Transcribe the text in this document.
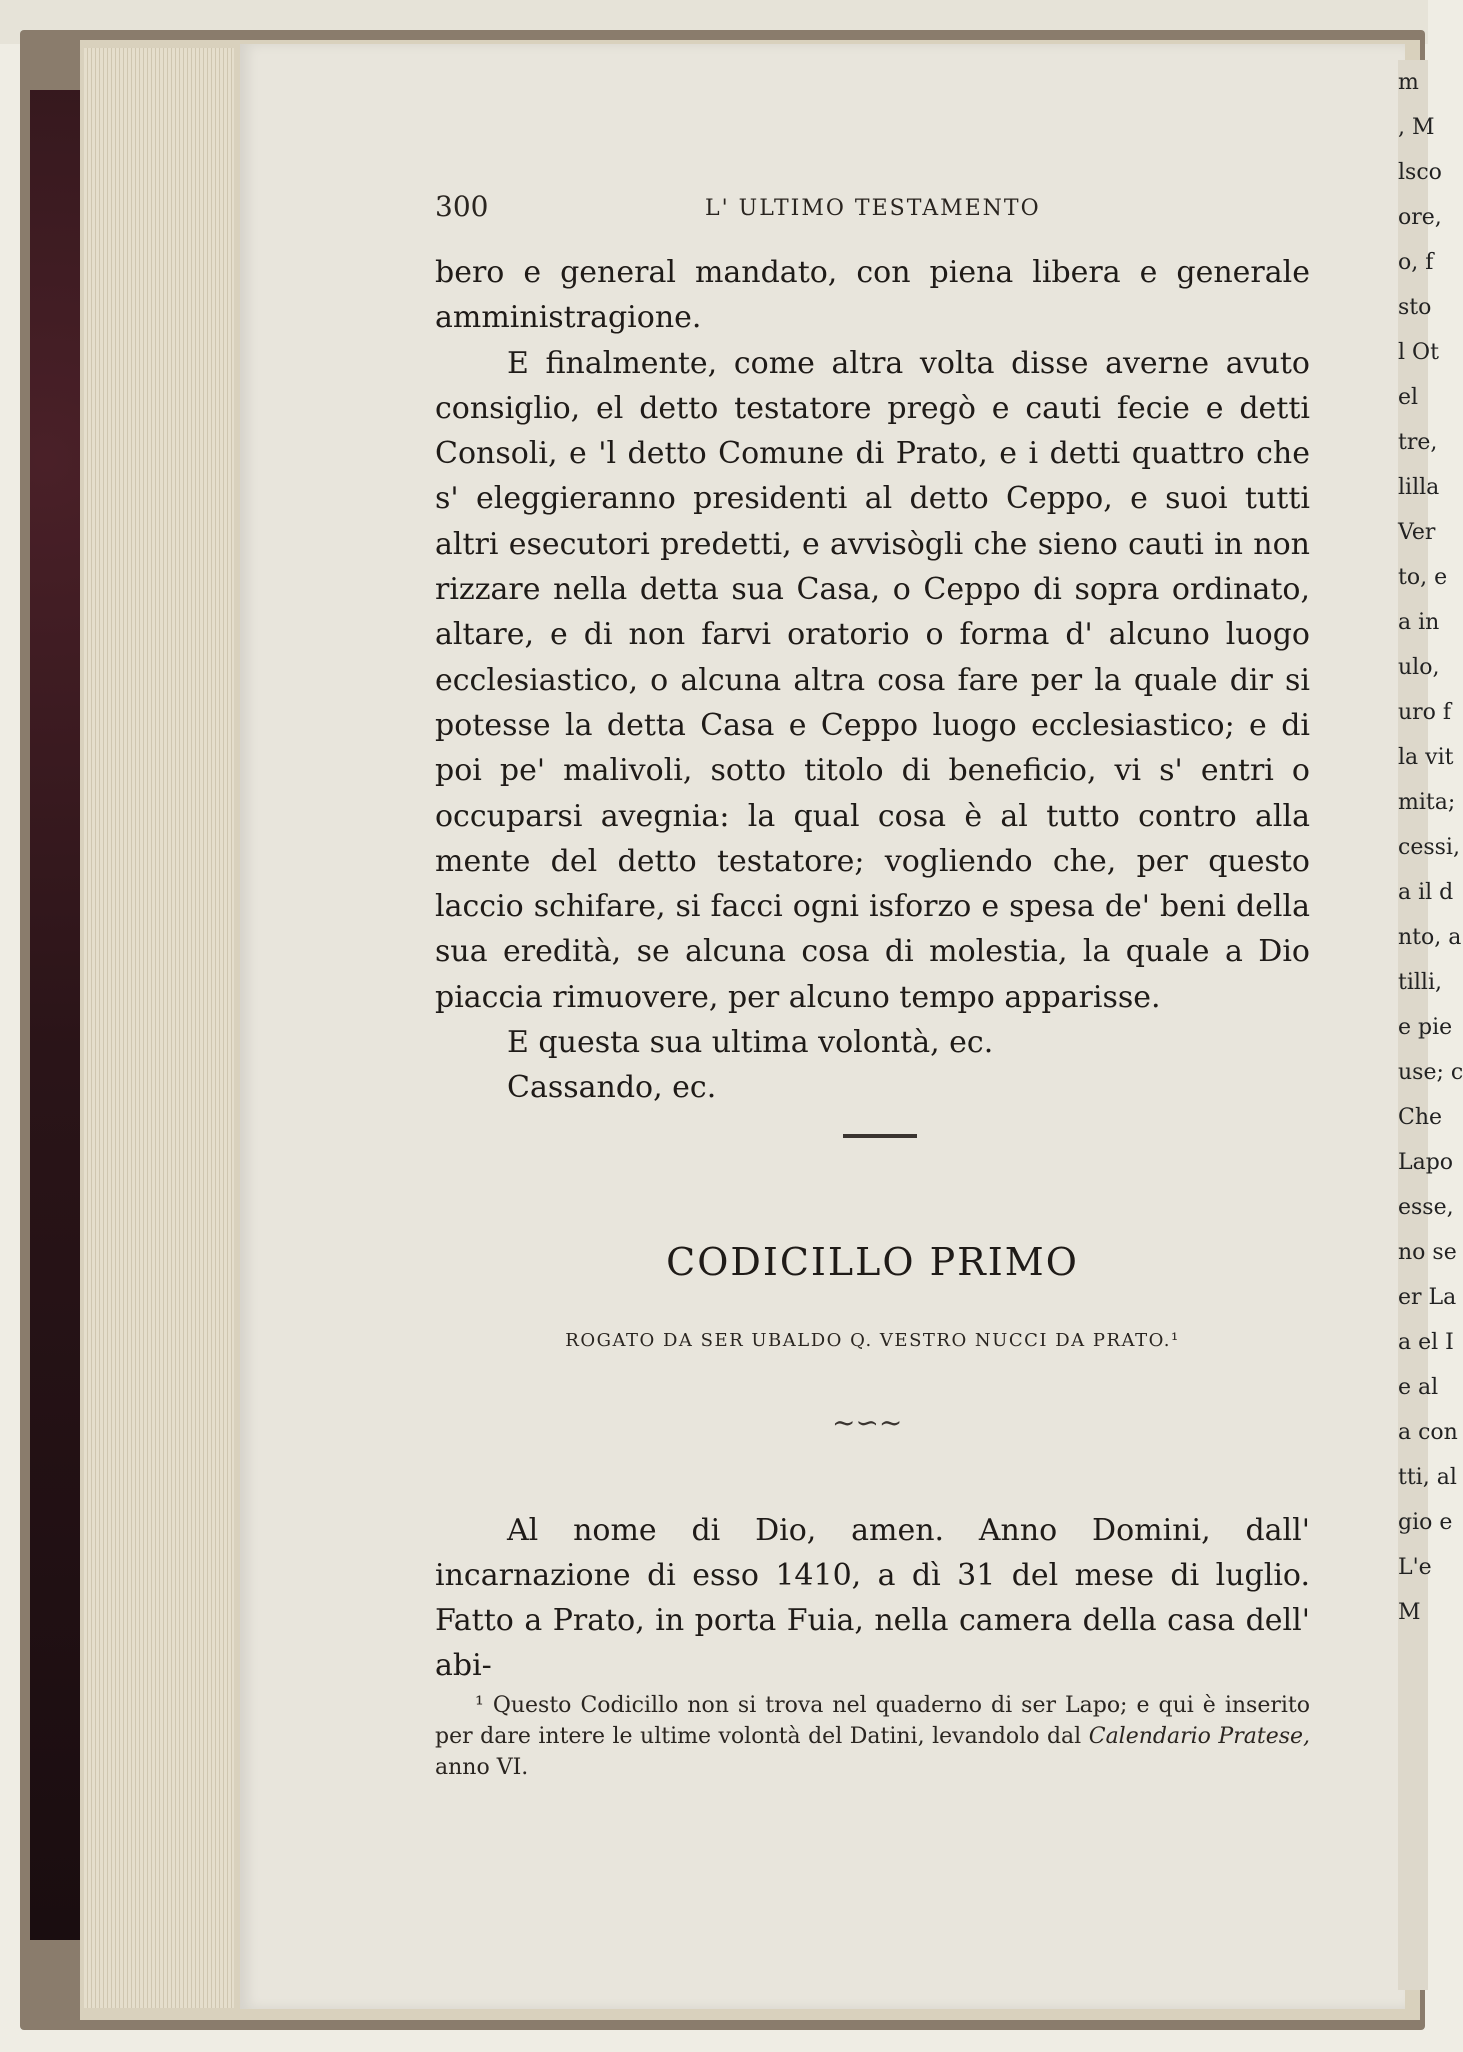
m
, M
lsco
ore,
o, f
sto
l Ot
el
tre,
lilla
Ver
to, e
a in
ulo,
uro f
la vit
mita;
cessi,
a il d
nto, a
tilli,
e pie
use; c
Che
Lapo
esse,
no se
er La
a el I
e al
a con
tti, al
gio e
L'e
M
300	L' ULTIMO TESTAMENTO

bero e general mandato, con piena libera e generale amministragione.

E finalmente, come altra volta disse averne avuto consiglio, el detto testatore pregò e cauti fecie e detti Consoli, e 'l detto Comune di Prato, e i detti quattro che s' eleggieranno presidenti al detto Ceppo, e suoi tutti altri esecutori predetti, e avvisògli che sieno cauti in non rizzare nella detta sua Casa, o Ceppo di sopra ordinato, altare, e di non farvi oratorio o forma d' alcuno luogo ecclesiastico, o alcuna altra cosa fare per la quale dir si potesse la detta Casa e Ceppo luogo ecclesiastico; e di poi pe' malivoli, sotto titolo di beneficio, vi s' entri o occuparsi avegnia: la qual cosa è al tutto contro alla mente del detto testatore; vogliendo che, per questo laccio schifare, si facci ogni isforzo e spesa de' beni della sua eredità, se alcuna cosa di molestia, la quale a Dio piaccia rimuovere, per alcuno tempo apparisse.

E questa sua ultima volontà, ec.

Cassando, ec.

CODICILLO PRIMO
ROGATO DA SER UBALDO Q. VESTRO NUCCI DA PRATO.¹
~∽~

Al nome di Dio, amen. Anno Domini, dall' incarnazione di esso 1410, a dì 31 del mese di luglio. Fatto a Prato, in porta Fuia, nella camera della casa dell' abi-

¹ Questo Codicillo non si trova nel quaderno di ser Lapo; e qui è inserito per dare intere le ultime volontà del Datini, levandolo dal Calendario Pratese, anno VI.
